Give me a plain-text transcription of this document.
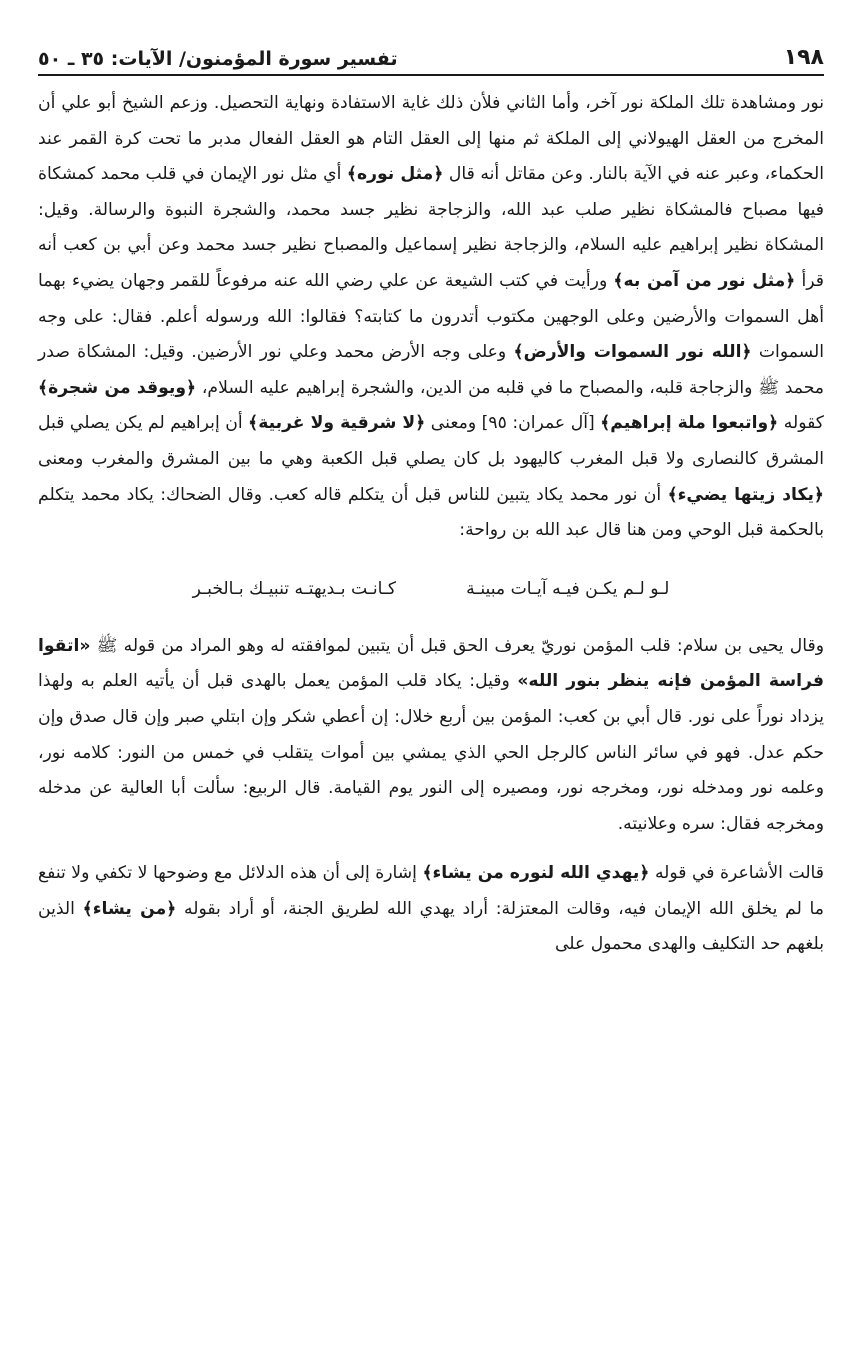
١٩٨
تفسير سورة المؤمنون/ الآيات: ٣٥ ـ ٥٠

نور ومشاهدة تلك الملكة نور آخر، وأما الثاني فلأن ذلك غاية الاستفادة ونهاية التحصيل. وزعم الشيخ أبو علي أن المخرج من العقل الهيولاني إلى الملكة ثم منها إلى العقل التام هو العقل الفعال مدبر ما تحت كرة القمر عند الحكماء، وعبر عنه في الآية بالنار. وعن مقاتل أنه قال ﴿مثل نوره﴾ أي مثل نور الإيمان في قلب محمد كمشكاة فيها مصباح فالمشكاة نظير صلب عبد الله، والزجاجة نظير جسد محمد، والشجرة النبوة والرسالة. وقيل: المشكاة نظير إبراهيم عليه السلام، والزجاجة نظير إسماعيل والمصباح نظير جسد محمد وعن أبي بن كعب أنه قرأ ﴿مثل نور من آمن به﴾ ورأيت في كتب الشيعة عن علي رضي الله عنه مرفوعاً للقمر وجهان يضيء بهما أهل السموات والأرضين وعلى الوجهين مكتوب أتدرون ما كتابته؟ فقالوا: الله ورسوله أعلم. فقال: على وجه السموات ﴿الله نور السموات والأرض﴾ وعلى وجه الأرض محمد وعلي نور الأرضين. وقيل: المشكاة صدر محمد ﷺ والزجاجة قلبه، والمصباح ما في قلبه من الدين، والشجرة إبراهيم عليه السلام، ﴿ويوقد من شجرة﴾ كقوله ﴿واتبعوا ملة إبراهيم﴾ [آل عمران: ٩٥] ومعنى ﴿لا شرقية ولا غربية﴾ أن إبراهيم لم يكن يصلي قبل المشرق كالنصارى ولا قبل المغرب كاليهود بل كان يصلي قبل الكعبة وهي ما بين المشرق والمغرب ومعنى ﴿يكاد زيتها يضيء﴾ أن نور محمد يكاد يتبين للناس قبل أن يتكلم قاله كعب. وقال الضحاك: يكاد محمد يتكلم بالحكمة قبل الوحي ومن هنا قال عبد الله بن رواحة:

لـو لـم يكـن فيـه آيـات مبينـة
كـانـت بـديهتـه تنبيـك بـالخبـر

وقال يحيى بن سلام: قلب المؤمن نوريّ يعرف الحق قبل أن يتبين لموافقته له وهو المراد من قوله ﷺ «اتقوا فراسة المؤمن فإنه ينظر بنور الله» وقيل: يكاد قلب المؤمن يعمل بالهدى قبل أن يأتيه العلم به ولهذا يزداد نوراً على نور. قال أبي بن كعب: المؤمن بين أربع خلال: إن أعطي شكر وإن ابتلي صبر وإن قال صدق وإن حكم عدل. فهو في سائر الناس كالرجل الحي الذي يمشي بين أموات يتقلب في خمس من النور: كلامه نور، وعلمه نور ومدخله نور، ومخرجه نور، ومصيره إلى النور يوم القيامة. قال الربيع: سألت أبا العالية عن مدخله ومخرجه فقال: سره وعلانيته.

قالت الأشاعرة في قوله ﴿يهدي الله لنوره من يشاء﴾ إشارة إلى أن هذه الدلائل مع وضوحها لا تكفي ولا تنفع ما لم يخلق الله الإيمان فيه، وقالت المعتزلة: أراد يهدي الله لطريق الجنة، أو أراد بقوله ﴿من يشاء﴾ الذين بلغهم حد التكليف والهدى محمول على
